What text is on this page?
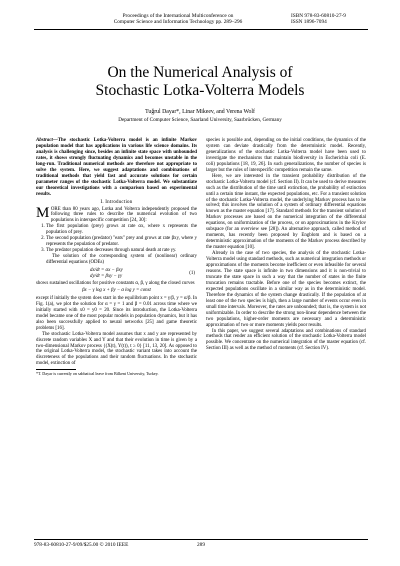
Proceedings of the International Multiconference on
Computer Science and Information Technology pp. 289–296
ISBN 978-83-60810-27-9
ISSN 1896-7094
On the Numerical Analysis of
Stochastic Lotka-Volterra Models
Tuğrul Dayar*, Linar Mikeev, and Verena Wolf
Department of Computer Science, Saarland University, Saarbrücken, Germany

Abstract—The stochastic Lotka-Volterra model is an infinite Markov population model that has applications in various life science domains. Its analysis is challenging since, besides an infinite state space with unbounded rates, it shows strongly fluctuating dynamics and becomes unstable in the long-run. Traditional numerical methods are therefore not appropriate to solve the system. Here, we suggest adaptations and combinations of traditional methods that yield fast and accurate solutions for certain parameter ranges of the stochastic Lotka-Volterra model. We substantiate our theoretical investigations with a comparison based on experimental results.

I. Introduction

MORE than 80 years ago, Lotka and Volterra independently proposed the following three rules to describe the numerical evolution of two populations in interspecific competition [24, 30]:

1. The first population (prey) grows at rate αx, where x represents the population of prey.
2. The second population (predator) "eats" prey and grows at rate βxy, where y represents the population of predator.
3. The predator population decreases through natural death at rate γy.

The solution of the corresponding system of (nonlinear) ordinary differential equations (ODEs)

dx/dt = αx − βxy
dy/dt = βxy − γy
(1)

shows sustained oscillations for positive constants α, β, γ along the closed curves

βx − γ log x + βy − α log y = const

except if initially the system does start in the equilibrium point x = γ/β, y = α/β. In Fig. 1(a), we plot the solution for α = γ = 1 and β = 0.01 across time where we initially started with x0 = y0 = 20. Since its introduction, the Lotka-Volterra model became one of the most popular models in population dynamics, but it has also been successfully applied to neural networks [25] and game theoretic problems [16].

The stochastic Lotka-Volterra model assumes that x and y are represented by discrete random variables X and Y and that their evolution in time is given by a two-dimensional Markov process {(X(t), Y(t)), t ≥ 0} [11, 13, 20]. As opposed to the original Lotka-Volterra model, the stochastic variant takes into account the discreteness of the populations and their random fluctuations. In the stochastic model, extinction of

*T. Dayar is currently on sabbatical leave from Bilkent University, Turkey.

species is possible and, depending on the initial conditions, the dynamics of the system can deviate drastically from the deterministic model. Recently, generalizations of the stochastic Lotka-Volterra model have been used to investigate the mechanisms that maintain biodiversity in Escherichia coli (E. coli) populations [18, 19, 26]. In such generalizations, the number of species is larger but the rules of interspecific competition remain the same.

Here, we are interested in the transient probability distribution of the stochastic Lotka-Volterra model (cf. Section II). It can be used to derive measures such as the distribution of the time until extinction, the probability of extinction until a certain time instant, the expected populations, etc. For a transient solution of the stochastic Lotka-Volterra model, the underlying Markov process has to be solved; this involves the solution of a system of ordinary differential equations known as the master equation [17]. Standard methods for the transient solution of Markov processes are based on the numerical integration of the differential equations, on uniformization of the process, or on approximations in the Krylov subspace (for an overview see [28]). An alternative approach, called method of moments, has recently been proposed by Engblom and is based on a deterministic approximation of the moments of the Markov process described by the master equation [10].

Already in the case of two species, the analysis of the stochastic Lotka-Volterra model using standard methods, such as numerical integration methods or approximations of the moments become inefficient or even infeasible for several reasons. The state space is infinite in two dimensions and it is non-trivial to truncate the state space in such a way that the number of states in the finite truncation remains tractable. Before one of the species becomes extinct, the expected populations oscillate in a similar way as in the deterministic model. Therefore the dynamics of the system change drastically. If the population of at least one of the two species is high, then a large number of events occur even in small time intervals. Moreover, the rates are unbounded; that is, the system is not uniformizable. In order to describe the strong non-linear dependence between the two populations, higher-order moments are necessary and a deterministic approximation of two or more moments yields poor results.

In this paper, we suggest several adaptations and combinations of standard methods that render an efficient solution of the stochastic Lotka-Volterra model possible. We concentrate on the numerical integration of the master equation (cf. Section III) as well as the method of moments (cf. Section IV).

978-83-60810-27-9/09/$25.00 © 2010 IEEE	289
